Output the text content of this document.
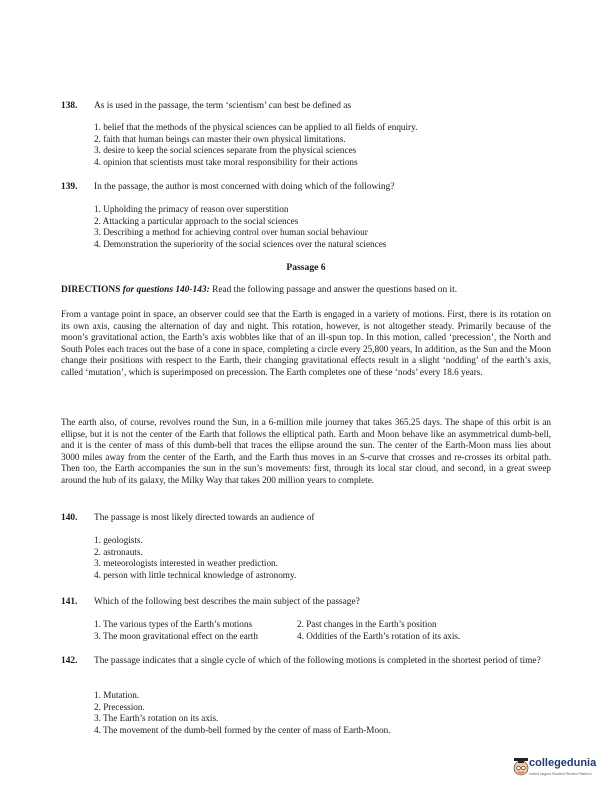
138. As is used in the passage, the term ‘scientism’ can best be defined as
1. belief that the methods of the physical sciences can be applied to all fields of enquiry.
2. faith that human beings can master their own physical limitations.
3. desire to keep the social sciences separate from the physical sciences
4. opinion that scientists must take moral responsibility for their actions
139. In the passage, the author is most concerned with doing which of the following?
1. Upholding the primacy of reason over superstition
2. Attacking a particular approach to the social sciences
3. Describing a method for achieving control over human social behaviour
4. Demonstration the superiority of the social sciences over the natural sciences
Passage 6
DIRECTIONS for questions 140-143: Read the following passage and answer the questions based on it.
From a vantage point in space, an observer could see that the Earth is engaged in a variety of motions. First, there is its rotation on its own axis, causing the alternation of day and night. This rotation, however, is not altogether steady. Primarily because of the moon’s gravitational action, the Earth’s axis wobbles like that of an ill-spun top. In this motion, called ‘precession’, the North and South Poles each traces out the base of a cone in space, completing a circle every 25,800 years, In addition, as the Sun and the Moon change their positions with respect to the Earth, their changing gravitational effects result in a slight ‘nodding’ of the earth’s axis, called ‘mutation’, which is superimposed on precession. The Earth completes one of these ‘nods’ every 18.6 years.
The earth also, of course, revolves round the Sun, in a 6-million mile journey that takes 365.25 days. The shape of this orbit is an ellipse, but it is not the center of the Earth that follows the elliptical path. Earth and Moon behave like an asymmetrical dumb-bell, and it is the center of mass of this dumb-bell that traces the ellipse around the sun. The center of the Earth-Moon mass lies about 3000 miles away from the center of the Earth, and the Earth thus moves in an S-curve that crosses and re-crosses its orbital path. Then too, the Earth accompanies the sun in the sun’s movements: first, through its local star cloud, and second, in a great sweep around the hub of its galaxy, the Milky Way that takes 200 million years to complete.
140. The passage is most likely directed towards an audience of
1. geologists.
2. astronauts.
3. meteorologists interested in weather prediction.
4. person with little technical knowledge of astronomy.
141. Which of the following best describes the main subject of the passage?
1. The various types of the Earth’s motions	2. Past changes in the Earth’s position
3. The moon gravitational effect on the earth	4. Oddities of the Earth’s rotation of its axis.
142. The passage indicates that a single cycle of which of the following motions is completed in the shortest period of time?
1. Mutation.
2. Precession.
3. The Earth’s rotation on its axis.
4. The movement of the dumb-bell formed by the center of mass of Earth-Moon.
collegedunia
India's largest Student Review Platform
